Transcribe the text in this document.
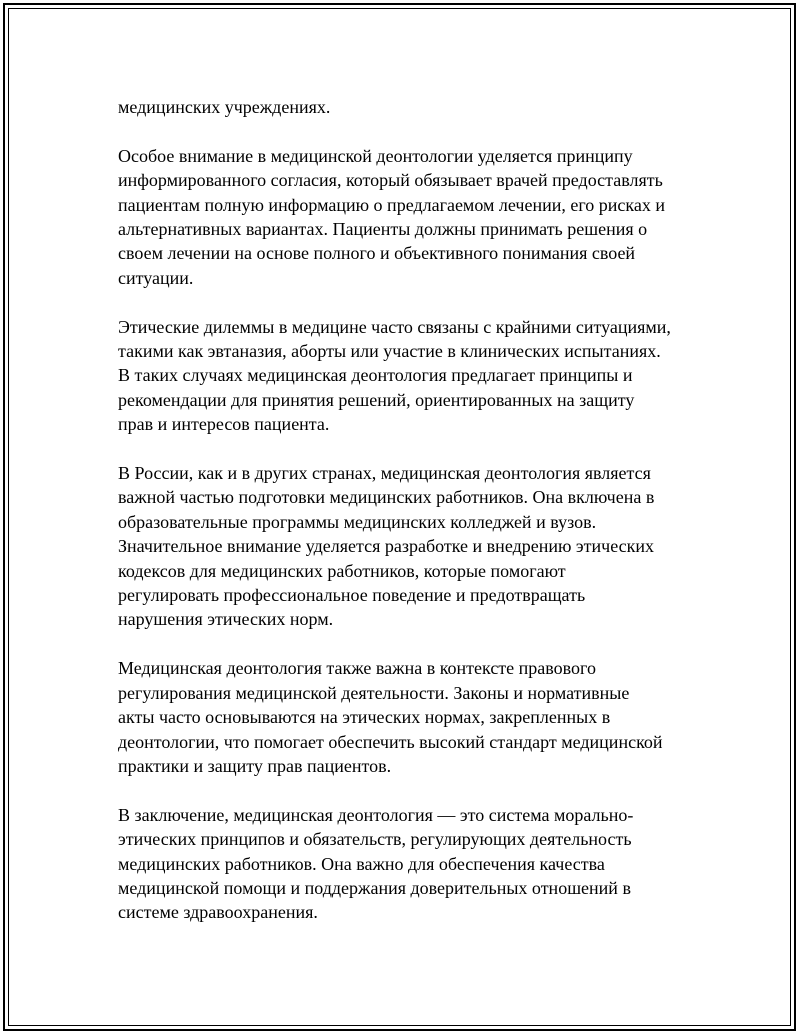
медицинских учреждениях.

Особое внимание в медицинской деонтологии уделяется принципу
информированного согласия, который обязывает врачей предоставлять
пациентам полную информацию о предлагаемом лечении, его рисках и
альтернативных вариантах. Пациенты должны принимать решения о
своем лечении на основе полного и объективного понимания своей
ситуации.

Этические дилеммы в медицине часто связаны с крайними ситуациями,
такими как эвтаназия, аборты или участие в клинических испытаниях.
В таких случаях медицинская деонтология предлагает принципы и
рекомендации для принятия решений, ориентированных на защиту
прав и интересов пациента.

В России, как и в других странах, медицинская деонтология является
важной частью подготовки медицинских работников. Она включена в
образовательные программы медицинских колледжей и вузов.
Значительное внимание уделяется разработке и внедрению этических
кодексов для медицинских работников, которые помогают
регулировать профессиональное поведение и предотвращать
нарушения этических норм.

Медицинская деонтология также важна в контексте правового
регулирования медицинской деятельности. Законы и нормативные
акты часто основываются на этических нормах, закрепленных в
деонтологии, что помогает обеспечить высокий стандарт медицинской
практики и защиту прав пациентов.

В заключение, медицинская деонтология — это система морально-
этических принципов и обязательств, регулирующих деятельность
медицинских работников. Она важно для обеспечения качества
медицинской помощи и поддержания доверительных отношений в
системе здравоохранения.
